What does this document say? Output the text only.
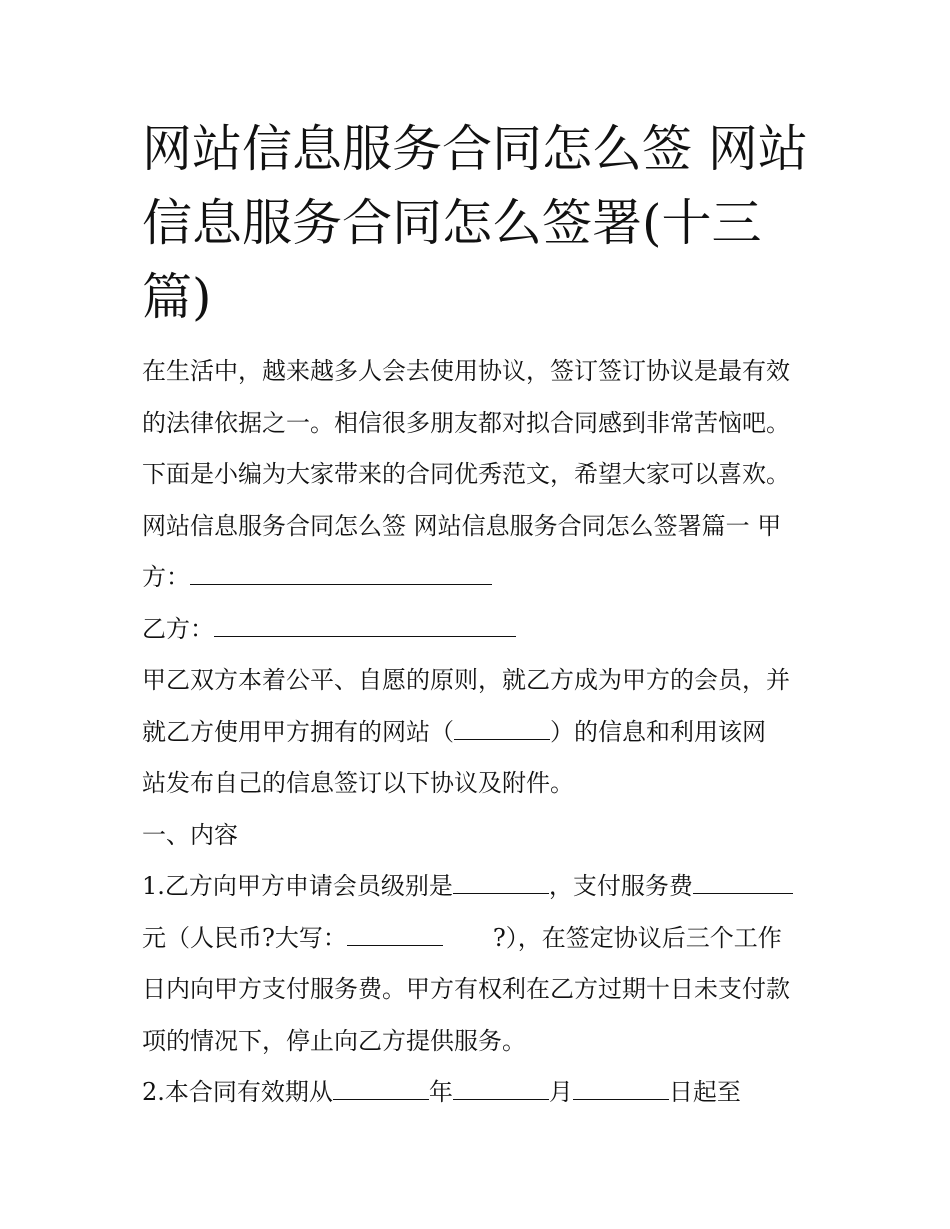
网站信息服务合同怎么签 网站
信息服务合同怎么签署(十三
篇)
在生活中，越来越多人会去使用协议，签订签订协议是最有效
的法律依据之一。相信很多朋友都对拟合同感到非常苦恼吧。
下面是小编为大家带来的合同优秀范文，希望大家可以喜欢。
网站信息服务合同怎么签 网站信息服务合同怎么签署篇一 甲
方：
乙方：
甲乙双方本着公平、自愿的原则，就乙方成为甲方的会员，并
就乙方使用甲方拥有的网站（	）的信息和利用该网
站发布自己的信息签订以下协议及附件。
一、内容
1.乙方向甲方申请会员级别是	，支付服务费
元（人民币?大写：	?），在签定协议后三个工作
日内向甲方支付服务费。甲方有权利在乙方过期十日未支付款
项的情况下，停止向乙方提供服务。
2.本合同有效期从	年	月	日起至
